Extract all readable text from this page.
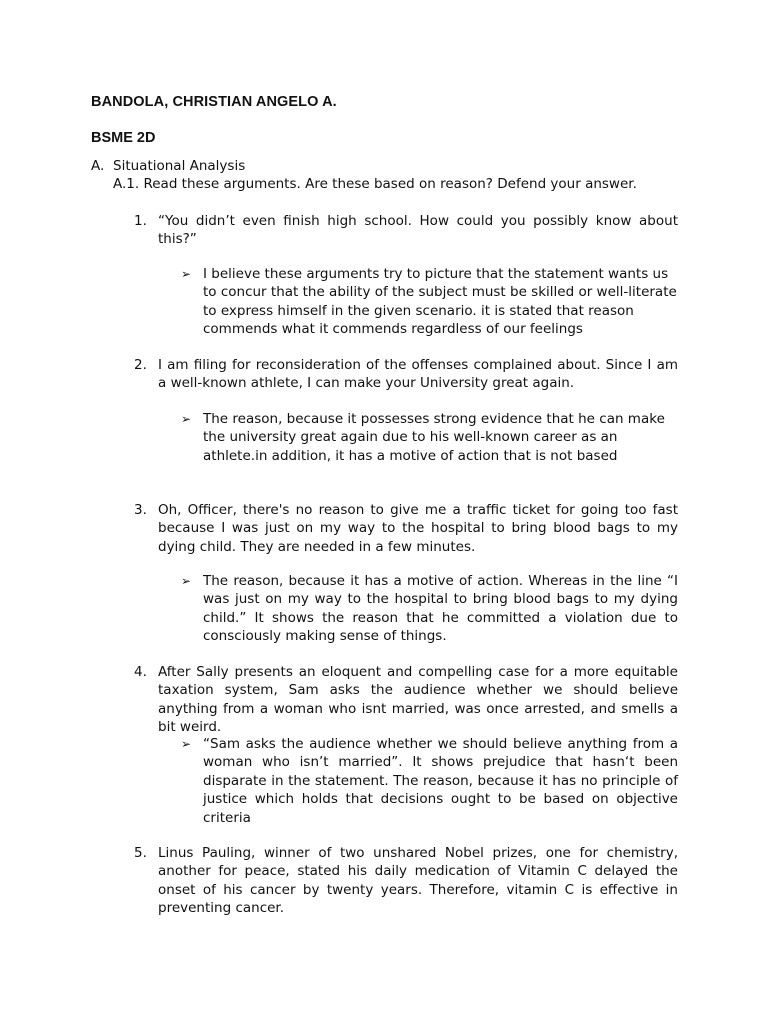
BANDOLA, CHRISTIAN ANGELO A.
BSME 2D
A. Situational Analysis
A.1. Read these arguments. Are these based on reason? Defend your answer.
1. “You didn’t even finish high school. How could you possibly know about this?”
➢ I believe these arguments try to picture that the statement wants us to concur that the ability of the subject must be skilled or well-literate to express himself in the given scenario. it is stated that reason commends what it commends regardless of our feelings
2. I am filing for reconsideration of the offenses complained about. Since I am a well-known athlete, I can make your University great again.
➢ The reason, because it possesses strong evidence that he can make the university great again due to his well-known career as an athlete.in addition, it has a motive of action that is not based
3. Oh, Officer, there's no reason to give me a traffic ticket for going too fast because I was just on my way to the hospital to bring blood bags to my dying child. They are needed in a few minutes.
➢ The reason, because it has a motive of action. Whereas in the line “I was just on my way to the hospital to bring blood bags to my dying child.” It shows the reason that he committed a violation due to consciously making sense of things.
4. After Sally presents an eloquent and compelling case for a more equitable taxation system, Sam asks the audience whether we should believe anything from a woman who isnt married, was once arrested, and smells a bit weird.
➢ “Sam asks the audience whether we should believe anything from a woman who isn’t married”. It shows prejudice that hasn‘t been disparate in the statement. The reason, because it has no principle of justice which holds that decisions ought to be based on objective criteria
5. Linus Pauling, winner of two unshared Nobel prizes, one for chemistry, another for peace, stated his daily medication of Vitamin C delayed the onset of his cancer by twenty years. Therefore, vitamin C is effective in preventing cancer.
